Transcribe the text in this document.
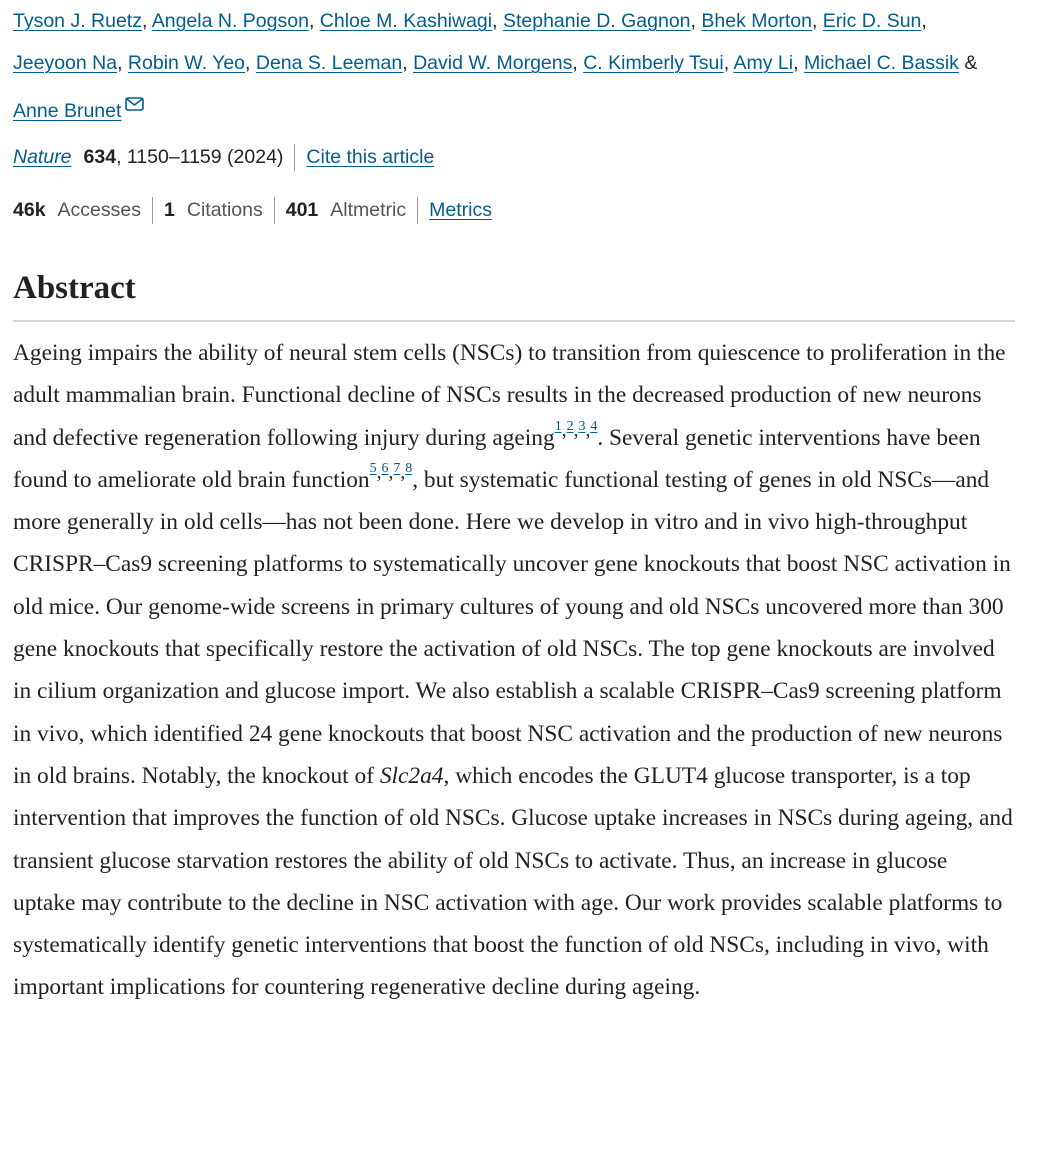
Tyson J. Ruetz, Angela N. Pogson, Chloe M. Kashiwagi, Stephanie D. Gagnon, Bhek Morton, Eric D. Sun,
Jeeyoon Na, Robin W. Yeo, Dena S. Leeman, David W. Morgens, C. Kimberly Tsui, Amy Li, Michael C. Bassik & Anne Brunet
Nature 634 , 1150–1159 (2024) Cite this article
46k Accesses 1 Citations 401 Altmetric Metrics
Abstract

Ageing impairs the ability of neural stem cells (NSCs) to transition from quiescence to proliferation in the adult mammalian brain. Functional decline of NSCs results in the decreased production of new neurons and defective regeneration following injury during ageing$^{^1,^2,^3,^4}$. Several genetic interventions have been found to ameliorate old brain function$^{^5,^6,^7,^8}$, but systematic functional testing of genes in old NSCs—and more generally in old cells—has not been done. Here we develop in vitro and in vivo high-throughput CRISPR–Cas9 screening platforms to systematically uncover gene knockouts that boost NSC activation in old mice. Our genome-wide screens in primary cultures of young and old NSCs uncovered more than 300 gene knockouts that specifically restore the activation of old NSCs. The top gene knockouts are involved in cilium organization and glucose import. We also establish a scalable CRISPR–Cas9 screening platform in vivo, which identified 24 gene knockouts that boost NSC activation and the production of new neurons in old brains. Notably, the knockout of Slc2a4, which encodes the GLUT4 glucose transporter, is a top intervention that improves the function of old NSCs. Glucose uptake increases in NSCs during ageing, and transient glucose starvation restores the ability of old NSCs to activate. Thus, an increase in glucose uptake may contribute to the decline in NSC activation with age. Our work provides scalable platforms to systematically identify genetic interventions that boost the function of old NSCs, including in vivo, with important implications for countering regenerative decline during ageing.
